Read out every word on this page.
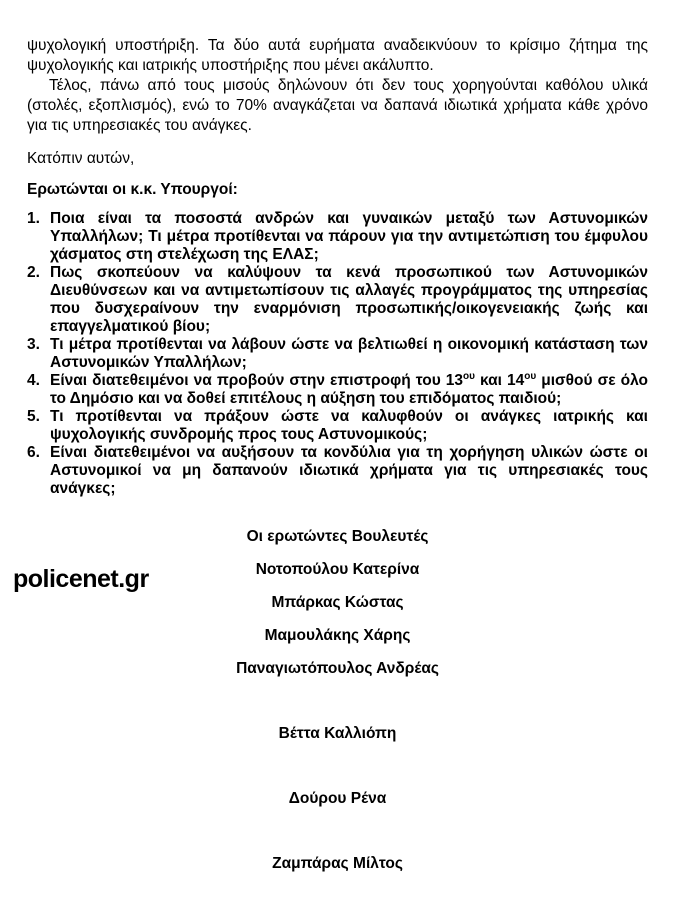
ψυχολογική υποστήριξη. Τα δύο αυτά ευρήματα αναδεικνύουν το κρίσιμο ζήτημα της ψυχολογικής και ιατρικής υποστήριξης που μένει ακάλυπτο.

Τέλος, πάνω από τους μισούς δηλώνουν ότι δεν τους χορηγούνται καθόλου υλικά (στολές, εξοπλισμός), ενώ το 70% αναγκάζεται να δαπανά ιδιωτικά χρήματα κάθε χρόνο για τις υπηρεσιακές του ανάγκες.

Κατόπιν αυτών,

Ερωτώνται οι κ.κ. Υπουργοί:

1. Ποια είναι τα ποσοστά ανδρών και γυναικών μεταξύ των Αστυνομικών Υπαλλήλων; Τι μέτρα προτίθενται να πάρουν για την αντιμετώπιση του έμφυλου χάσματος στη στελέχωση της ΕΛΑΣ;
2. Πως σκοπεύουν να καλύψουν τα κενά προσωπικού των Αστυνομικών Διευθύνσεων και να αντιμετωπίσουν τις αλλαγές προγράμματος της υπηρεσίας που δυσχεραίνουν την εναρμόνιση προσωπικής/οικογενειακής ζωής και επαγγελματικού βίου;
3. Τι μέτρα προτίθενται να λάβουν ώστε να βελτιωθεί η οικονομική κατάσταση των Αστυνομικών Υπαλλήλων;
4. Είναι διατεθειμένοι να προβούν στην επιστροφή του $13^{o\upsilon}$ και $14^{o\upsilon}$ μισθού σε όλο το Δημόσιο και να δοθεί επιτέλους η αύξηση του επιδόματος παιδιού;
5. Τι προτίθενται να πράξουν ώστε να καλυφθούν οι ανάγκες ιατρικής και ψυχολογικής συνδρομής προς τους Αστυνομικούς;
6. Είναι διατεθειμένοι να αυξήσουν τα κονδύλια για τη χορήγηση υλικών ώστε οι Αστυνομικοί να μη δαπανούν ιδιωτικά χρήματα για τις υπηρεσιακές τους ανάγκες;
Οι ερωτώντες Βουλευτές
Νοτοπούλου Κατερίνα
Μπάρκας Κώστας
Μαμουλάκης Χάρης
Παναγιωτόπουλος Ανδρέας
Βέττα Καλλιόπη
Δούρου Ρένα
Ζαμπάρας Μίλτος
policenet.gr
